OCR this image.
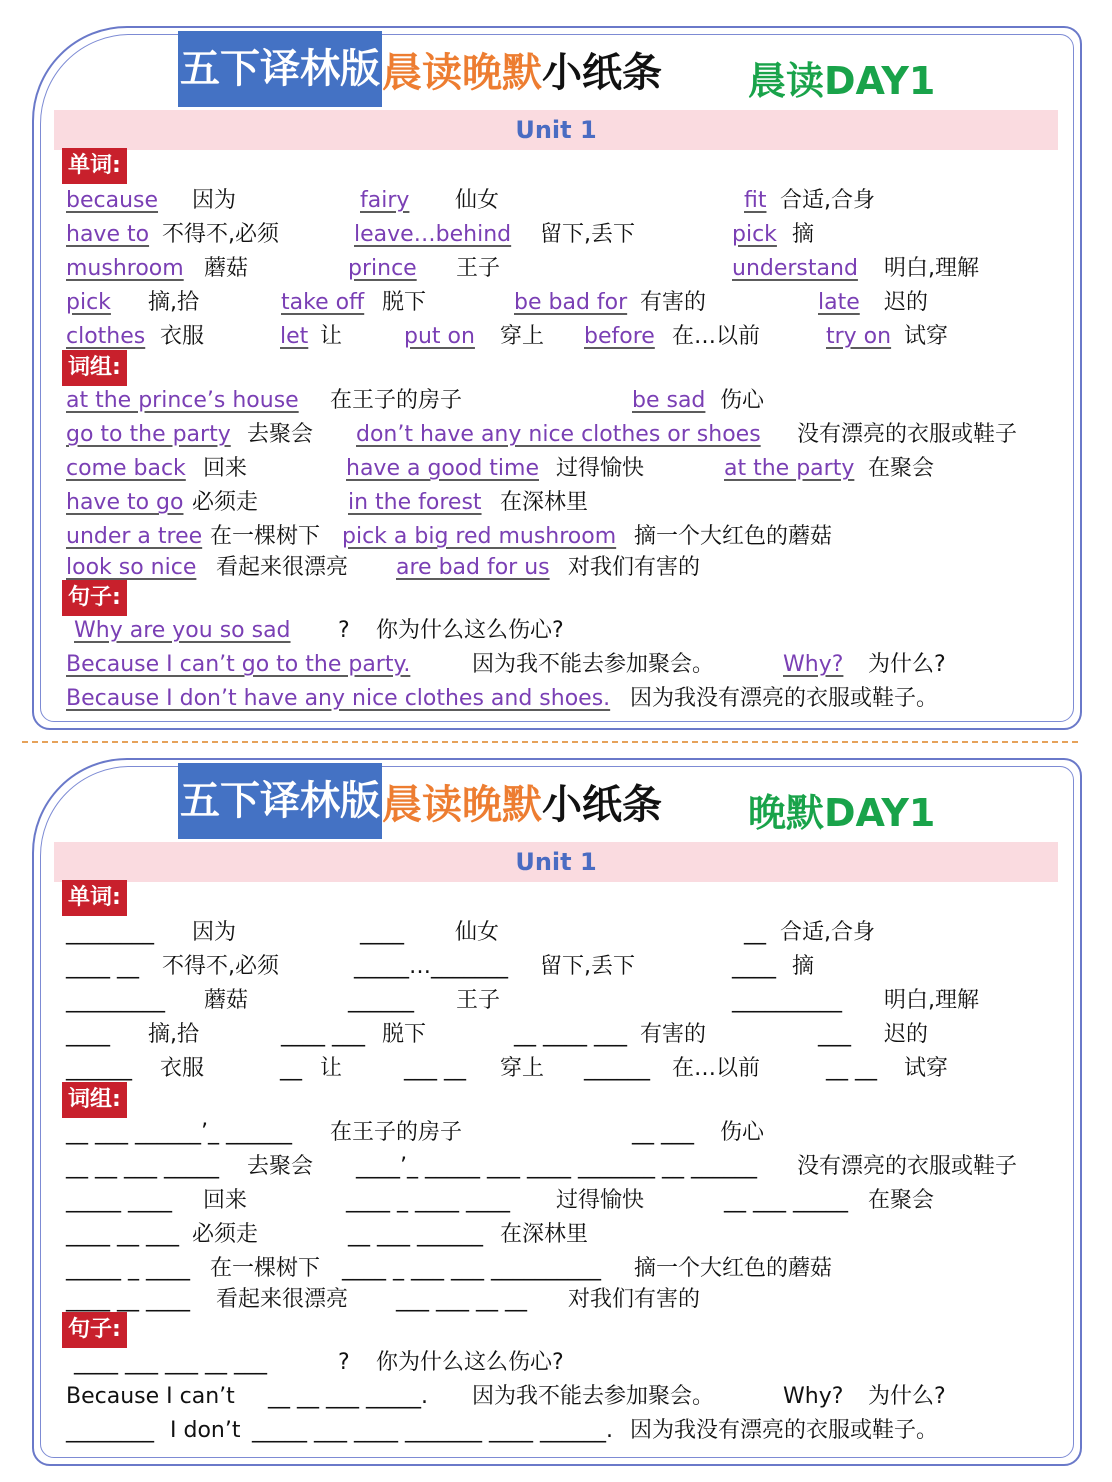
五下译林版 晨读晚默 小纸条 晨读DAY1
Unit 1
单词:
because 因为	fairy 仙女	fit 合适,合身
have to 不得不,必须	leave…behind 留下,丢下	pick 摘
mushroom 蘑菇	prince 王子	understand 明白,理解
pick 摘,拾	take off 脱下	be bad for 有害的	late 迟的
clothes 衣服	let 让	put on 穿上 before 在…以前	try on 试穿
词组:
at the prince’s house 在王子的房子	be sad 伤心
go to the party 去聚会 don’t have any nice clothes or shoes 没有漂亮的衣服或鞋子
come back 回来	have a good time 过得愉快	at the party 在聚会
have to go 必须走	in the forest 在深林里
under a tree 在一棵树下 pick a big red mushroom 摘一个大红色的蘑菇
look so nice 看起来很漂亮 are bad for us 对我们有害的
句子:
Why are you so sad ? 你为什么这么伤心?
Because I can’t go to the party.	因为我不能去参加聚会。	Why? 为什么?
Because I don’t have any nice clothes and shoes. 因为我没有漂亮的衣服或鞋子。
五下译林版 晨读晚默 小纸条 晚默DAY1
Unit 1
单词:
________ 因为	____ 仙女	__ 合适,合身
____ __ 不得不,必须	_____…_______ 留下,丢下	____ 摘
_________ 蘑菇	______ 王子	__________ 明白,理解
____ 摘,拾	____ ___ 脱下	__ ____ ___ 有害的	___ 迟的
______ 衣服	__ 让	___ __ 穿上 ______ 在…以前	__ __ 试穿
词组:
__ ___ ______’_ ______ 在王子的房子	__ ___ 伤心
__ __ ___ _____ 去聚会 ____’_ _____ ___ ____ _______ __ ______ 没有漂亮的衣服或鞋子
_____ ____ 回来	____ _ ____ ____ 过得愉快	__ ___ _____ 在聚会
____ __ ___ 必须走	__ ___ ______ 在深林里
_____ _ ____ 在一棵树下 ____ _ ___ ___ __________ 摘一个大红色的蘑菇
____ __ ____ 看起来很漂亮 ___ ___ __ __ 对我们有害的
句子:
____ ___ ___ __ ___	? 你为什么这么伤心?
Because I can’t __ __ ___ _____. 因为我不能去参加聚会。	Why? 为什么?
________ I don’t _____ ___ ____ _______ ____ ______. 因为我没有漂亮的衣服或鞋子。
